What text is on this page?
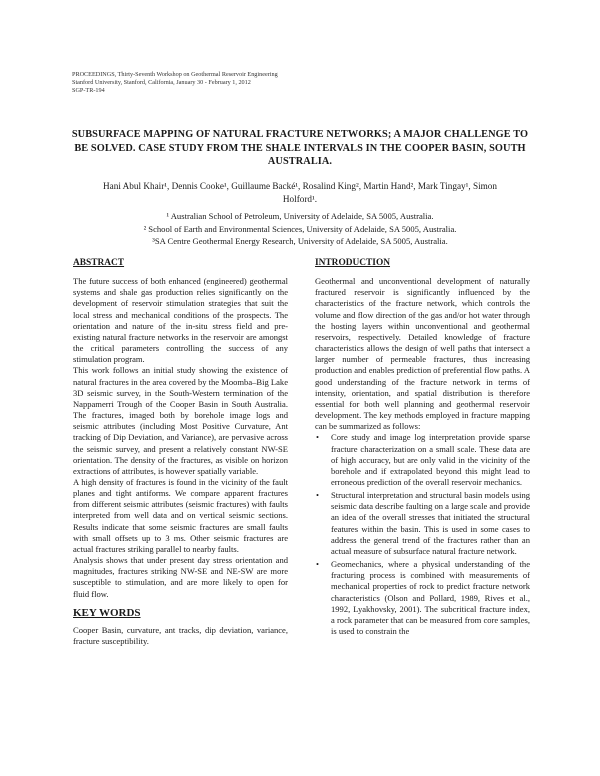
PROCEEDINGS, Thirty-Seventh Workshop on Geothermal Reservoir Engineering
Stanford University, Stanford, California, January 30 - February 1, 2012
SGP-TR-194
SUBSURFACE MAPPING OF NATURAL FRACTURE NETWORKS; A MAJOR CHALLENGE TO BE SOLVED. CASE STUDY FROM THE SHALE INTERVALS IN THE COOPER BASIN, SOUTH AUSTRALIA.
Hani Abul Khair¹, Dennis Cooke¹, Guillaume Backé¹, Rosalind King², Martin Hand², Mark Tingay¹, Simon Holford¹.
¹ Australian School of Petroleum, University of Adelaide, SA 5005, Australia.
² School of Earth and Environmental Sciences, University of Adelaide, SA 5005, Australia.
³SA Centre Geothermal Energy Research, University of Adelaide, SA 5005, Australia.
ABSTRACT

The future success of both enhanced (engineered) geothermal systems and shale gas production relies significantly on the development of reservoir stimulation strategies that suit the local stress and mechanical conditions of the prospects. The orientation and nature of the in-situ stress field and pre-existing natural fracture networks in the reservoir are amongst the critical parameters controlling the success of any stimulation program.

This work follows an initial study showing the existence of natural fractures in the area covered by the Moomba–Big Lake 3D seismic survey, in the South-Western termination of the Nappamerri Trough of the Cooper Basin in South Australia. The fractures, imaged both by borehole image logs and seismic attributes (including Most Positive Curvature, Ant tracking of Dip Deviation, and Variance), are pervasive across the seismic survey, and present a relatively constant NW-SE orientation. The density of the fractures, as visible on horizon extractions of attributes, is however spatially variable.

A high density of fractures is found in the vicinity of the fault planes and tight antiforms. We compare apparent fractures from different seismic attributes (seismic fractures) with faults interpreted from well data and on vertical seismic sections. Results indicate that some seismic fractures are small faults with small offsets up to 3 ms. Other seismic fractures are actual fractures striking parallel to nearby faults.

Analysis shows that under present day stress orientation and magnitudes, fractures striking NW-SE and NE-SW are more susceptible to stimulation, and are more likely to open for fluid flow.

KEY WORDS

Cooper Basin, curvature, ant tracks, dip deviation, variance, fracture susceptibility.

INTRODUCTION

Geothermal and unconventional development of naturally fractured reservoir is significantly influenced by the characteristics of the fracture network, which controls the volume and flow direction of the gas and/or hot water through the hosting layers within unconventional and geothermal reservoirs, respectively. Detailed knowledge of fracture characteristics allows the design of well paths that intersect a larger number of permeable fractures, thus increasing production and enables prediction of preferential flow paths. A good understanding of the fracture network in terms of intensity, orientation, and spatial distribution is therefore essential for both well planning and geothermal reservoir development. The key methods employed in fracture mapping can be summarized as follows:

• Core study and image log interpretation provide sparse fracture characterization on a small scale. These data are of high accuracy, but are only valid in the vicinity of the borehole and if extrapolated beyond this might lead to erroneous prediction of the overall reservoir mechanics.
• Structural interpretation and structural basin models using seismic data describe faulting on a large scale and provide an idea of the overall stresses that initiated the structural features within the basin. This is used in some cases to address the general trend of the fractures rather than an actual measure of subsurface natural fracture network.
• Geomechanics, where a physical understanding of the fracturing process is combined with measurements of mechanical properties of rock to predict fracture network characteristics (Olson and Pollard, 1989, Rives et al., 1992, Lyakhovsky, 2001). The subcritical fracture index, a rock parameter that can be measured from core samples, is used to constrain the
